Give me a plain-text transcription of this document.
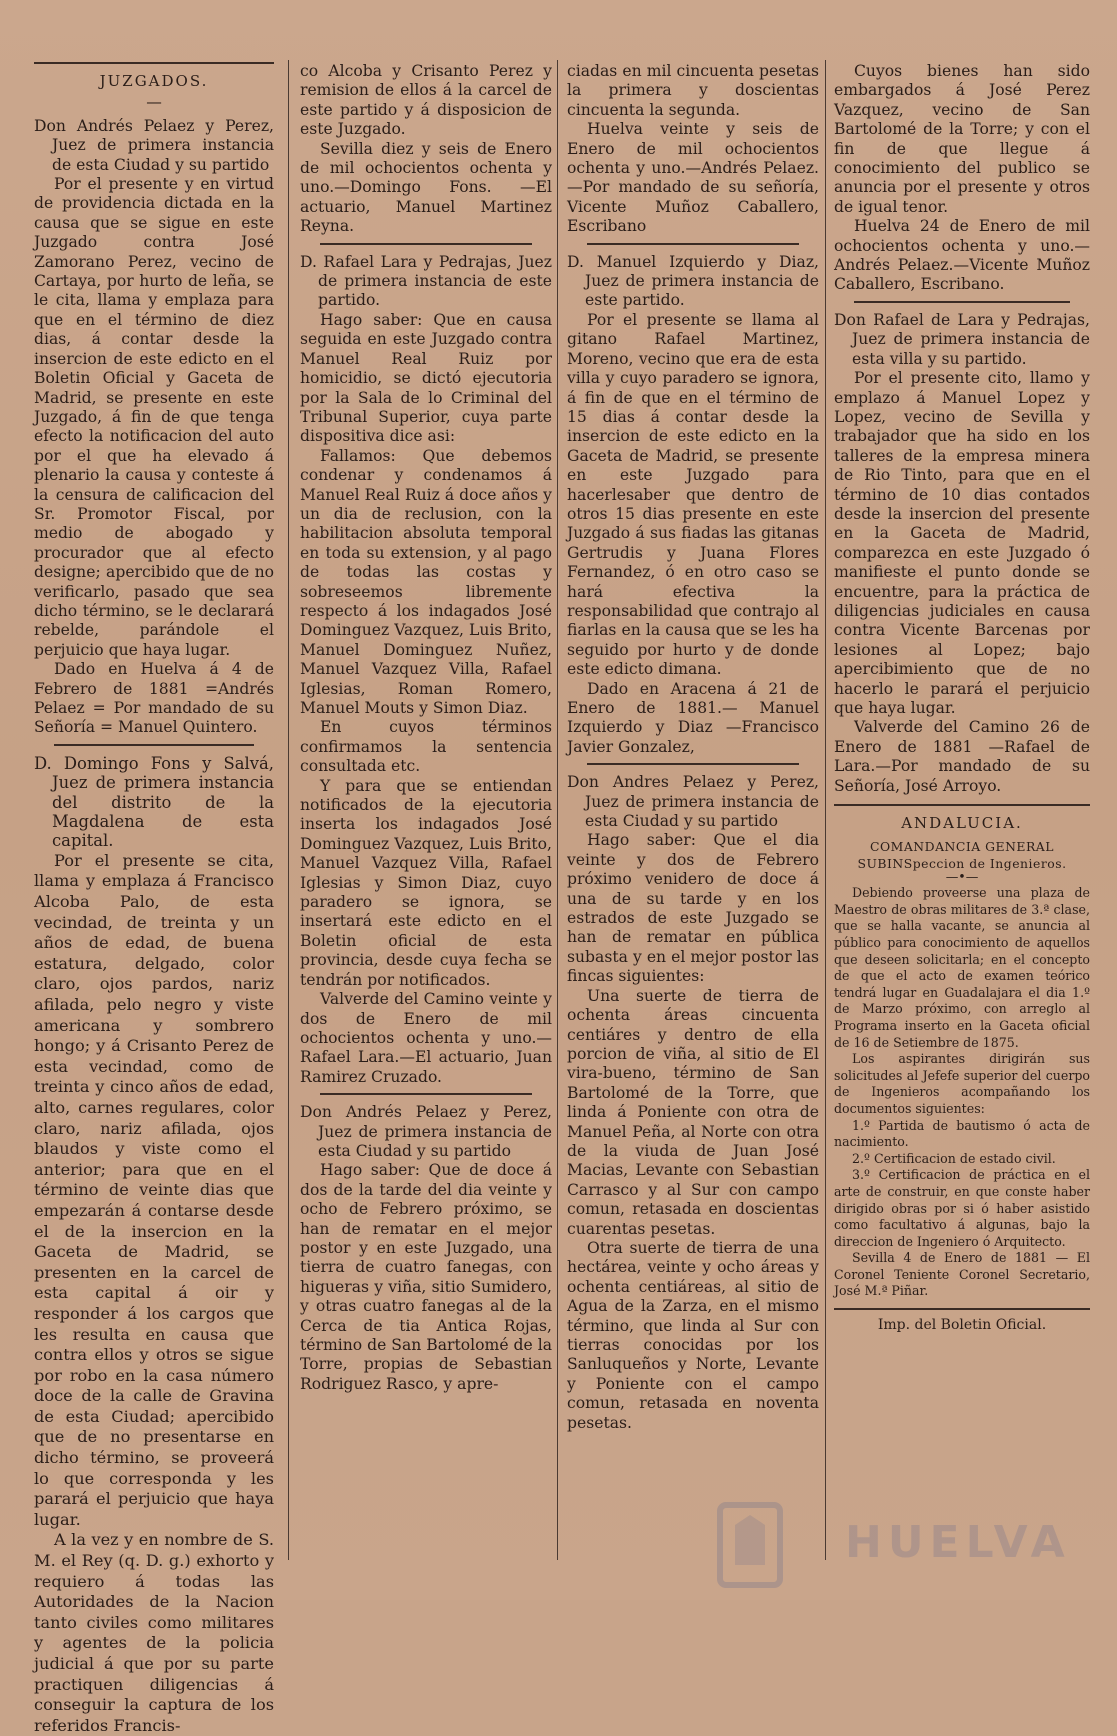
JUZGADOS.

—

Don Andrés Pelaez y Perez, Juez de primera instancia de esta Ciudad y su partido

Por el presente y en virtud de providencia dictada en la causa que se sigue en este Juzgado contra José Zamorano Perez, vecino de Cartaya, por hurto de leña, se le cita, llama y emplaza para que en el término de diez dias, á contar desde la insercion de este edicto en el Boletin Oficial y Gaceta de Madrid, se presente en este Juzgado, á fin de que tenga efecto la notificacion del auto por el que ha elevado á plenario la causa y conteste á la censura de calificacion del Sr. Promotor Fiscal, por medio de abogado y procurador que al efecto designe; apercibido que de no verificarlo, pasado que sea dicho término, se le declarará rebelde, parándole el perjuicio que haya lugar.

Dado en Huelva á 4 de Febrero de 1881 =Andrés Pelaez = Por mandado de su Señoría = Manuel Quintero.

D. Domingo Fons y Salvá, Juez de primera instancia del distrito de la Magdalena de esta capital.

Por el presente se cita, llama y emplaza á Francisco Alcoba Palo, de esta vecindad, de treinta y un años de edad, de buena estatura, delgado, color claro, ojos pardos, nariz afilada, pelo negro y viste americana y sombrero hongo; y á Crisanto Perez de esta vecindad, como de treinta y cinco años de edad, alto, carnes regulares, color claro, nariz afilada, ojos blaudos y viste como el anterior; para que en el término de veinte dias que empezarán á contarse desde el de la insercion en la Gaceta de Madrid, se presenten en la carcel de esta capital á oir y responder á los cargos que les resulta en causa que contra ellos y otros se sigue por robo en la casa número doce de la calle de Gravina de esta Ciudad; apercibido que de no presentarse en dicho término, se proveerá lo que corresponda y les parará el perjuicio que haya lugar.

A la vez y en nombre de S. M. el Rey (q. D. g.) exhorto y requiero á todas las Autoridades de la Nacion tanto civiles como militares y agentes de la policia judicial á que por su parte practiquen diligencias á conseguir la captura de los referidos Francis-

co Alcoba y Crisanto Perez y remision de ellos á la carcel de este partido y á disposicion de este Juzgado.

Sevilla diez y seis de Enero de mil ochocientos ochenta y uno.—Domingo Fons. —El actuario, Manuel Martinez Reyna.

D. Rafael Lara y Pedrajas, Juez de primera instancia de este partido.

Hago saber: Que en causa seguida en este Juzgado contra Manuel Real Ruiz por homicidio, se dictó ejecutoria por la Sala de lo Criminal del Tribunal Superior, cuya parte dispositiva dice asi:

Fallamos: Que debemos condenar y condenamos á Manuel Real Ruiz á doce años y un dia de reclusion, con la habilitacion absoluta temporal en toda su extension, y al pago de todas las costas y sobreseemos libremente respecto á los indagados José Dominguez Vazquez, Luis Brito, Manuel Dominguez Nuñez, Manuel Vazquez Villa, Rafael Iglesias, Roman Romero, Manuel Mouts y Simon Diaz.

En cuyos términos confirmamos la sentencia consultada etc.

Y para que se entiendan notificados de la ejecutoria inserta los indagados José Dominguez Vazquez, Luis Brito, Manuel Vazquez Villa, Rafael Iglesias y Simon Diaz, cuyo paradero se ignora, se insertará este edicto en el Boletin oficial de esta provincia, desde cuya fecha se tendrán por notificados.

Valverde del Camino veinte y dos de Enero de mil ochocientos ochenta y uno.—Rafael Lara.—El actuario, Juan Ramirez Cruzado.

Don Andrés Pelaez y Perez, Juez de primera instancia de esta Ciudad y su partido

Hago saber: Que de doce á dos de la tarde del dia veinte y ocho de Febrero próximo, se han de rematar en el mejor postor y en este Juzgado, una tierra de cuatro fanegas, con higueras y viña, sitio Sumidero, y otras cuatro fanegas al de la Cerca de tia Antica Rojas, término de San Bartolomé de la Torre, propias de Sebastian Rodriguez Rasco, y apre-

ciadas en mil cincuenta pesetas la primera y doscientas cincuenta la segunda.

Huelva veinte y seis de Enero de mil ochocientos ochenta y uno.—Andrés Pelaez.—Por mandado de su señoría, Vicente Muñoz Caballero, Escribano

D. Manuel Izquierdo y Diaz, Juez de primera instancia de este partido.

Por el presente se llama al gitano Rafael Martinez, Moreno, vecino que era de esta villa y cuyo paradero se ignora, á fin de que en el término de 15 dias á contar desde la insercion de este edicto en la Gaceta de Madrid, se presente en este Juzgado para hacerlesaber que dentro de otros 15 dias presente en este Juzgado á sus fiadas las gitanas Gertrudis y Juana Flores Fernandez, ó en otro caso se hará efectiva la responsabilidad que contrajo al fiarlas en la causa que se les ha seguido por hurto y de donde este edicto dimana.

Dado en Aracena á 21 de Enero de 1881.— Manuel Izquierdo y Diaz —Francisco Javier Gonzalez,

Don Andres Pelaez y Perez, Juez de primera instancia de esta Ciudad y su partido

Hago saber: Que el dia veinte y dos de Febrero próximo venidero de doce á una de su tarde y en los estrados de este Juzgado se han de rematar en pública subasta y en el mejor postor las fincas siguientes:

Una suerte de tierra de ochenta áreas cincuenta centiáres y dentro de ella porcion de viña, al sitio de El vira-bueno, término de San Bartolomé de la Torre, que linda á Poniente con otra de Manuel Peña, al Norte con otra de la viuda de Juan José Macias, Levante con Sebastian Carrasco y al Sur con campo comun, retasada en doscientas cuarentas pesetas.

Otra suerte de tierra de una hectárea, veinte y ocho áreas y ochenta centiáreas, al sitio de Agua de la Zarza, en el mismo término, que linda al Sur con tierras conocidas por los Sanluqueños y Norte, Levante y Poniente con el campo comun, retasada en noventa pesetas.

Cuyos bienes han sido embargados á José Perez Vazquez, vecino de San Bartolomé de la Torre; y con el fin de que llegue á conocimiento del publico se anuncia por el presente y otros de igual tenor.

Huelva 24 de Enero de mil ochocientos ochenta y uno.—Andrés Pelaez.—Vicente Muñoz Caballero, Escribano.

Don Rafael de Lara y Pedrajas, Juez de primera instancia de esta villa y su partido.

Por el presente cito, llamo y emplazo á Manuel Lopez y Lopez, vecino de Sevilla y trabajador que ha sido en los talleres de la empresa minera de Rio Tinto, para que en el término de 10 dias contados desde la insercion del presente en la Gaceta de Madrid, comparezca en este Juzgado ó manifieste el punto donde se encuentre, para la práctica de diligencias judiciales en causa contra Vicente Barcenas por lesiones al Lopez; bajo apercibimiento que de no hacerlo le parará el perjuicio que haya lugar.

Valverde del Camino 26 de Enero de 1881 —Rafael de Lara.—Por mandado de su Señoría, José Arroyo.

ANDALUCIA.

COMANDANCIA GENERAL SUBINSpeccion de Ingenieros.

—•—

Debiendo proveerse una plaza de Maestro de obras militares de 3.ª clase, que se halla vacante, se anuncia al público para conocimiento de aquellos que deseen solicitarla; en el concepto de que el acto de examen teórico tendrá lugar en Guadalajara el dia 1.º de Marzo próximo, con arreglo al Programa inserto en la Gaceta oficial de 16 de Setiembre de 1875.

Los aspirantes dirigirán sus solicitudes al Jefefe superior del cuerpo de Ingenieros acompañando los documentos siguientes:

1.º Partida de bautismo ó acta de nacimiento.

2.º Certificacion de estado civil.

3.º Certificacion de práctica en el arte de construir, en que conste haber dirigido obras por si ó haber asistido como facultativo á algunas, bajo la direccion de Ingeniero ó Arquitecto.

Sevilla 4 de Enero de 1881 — El Coronel Teniente Coronel Secretario, José M.ª Piñar.

Imp. del Boletin Oficial.

HUELVA
